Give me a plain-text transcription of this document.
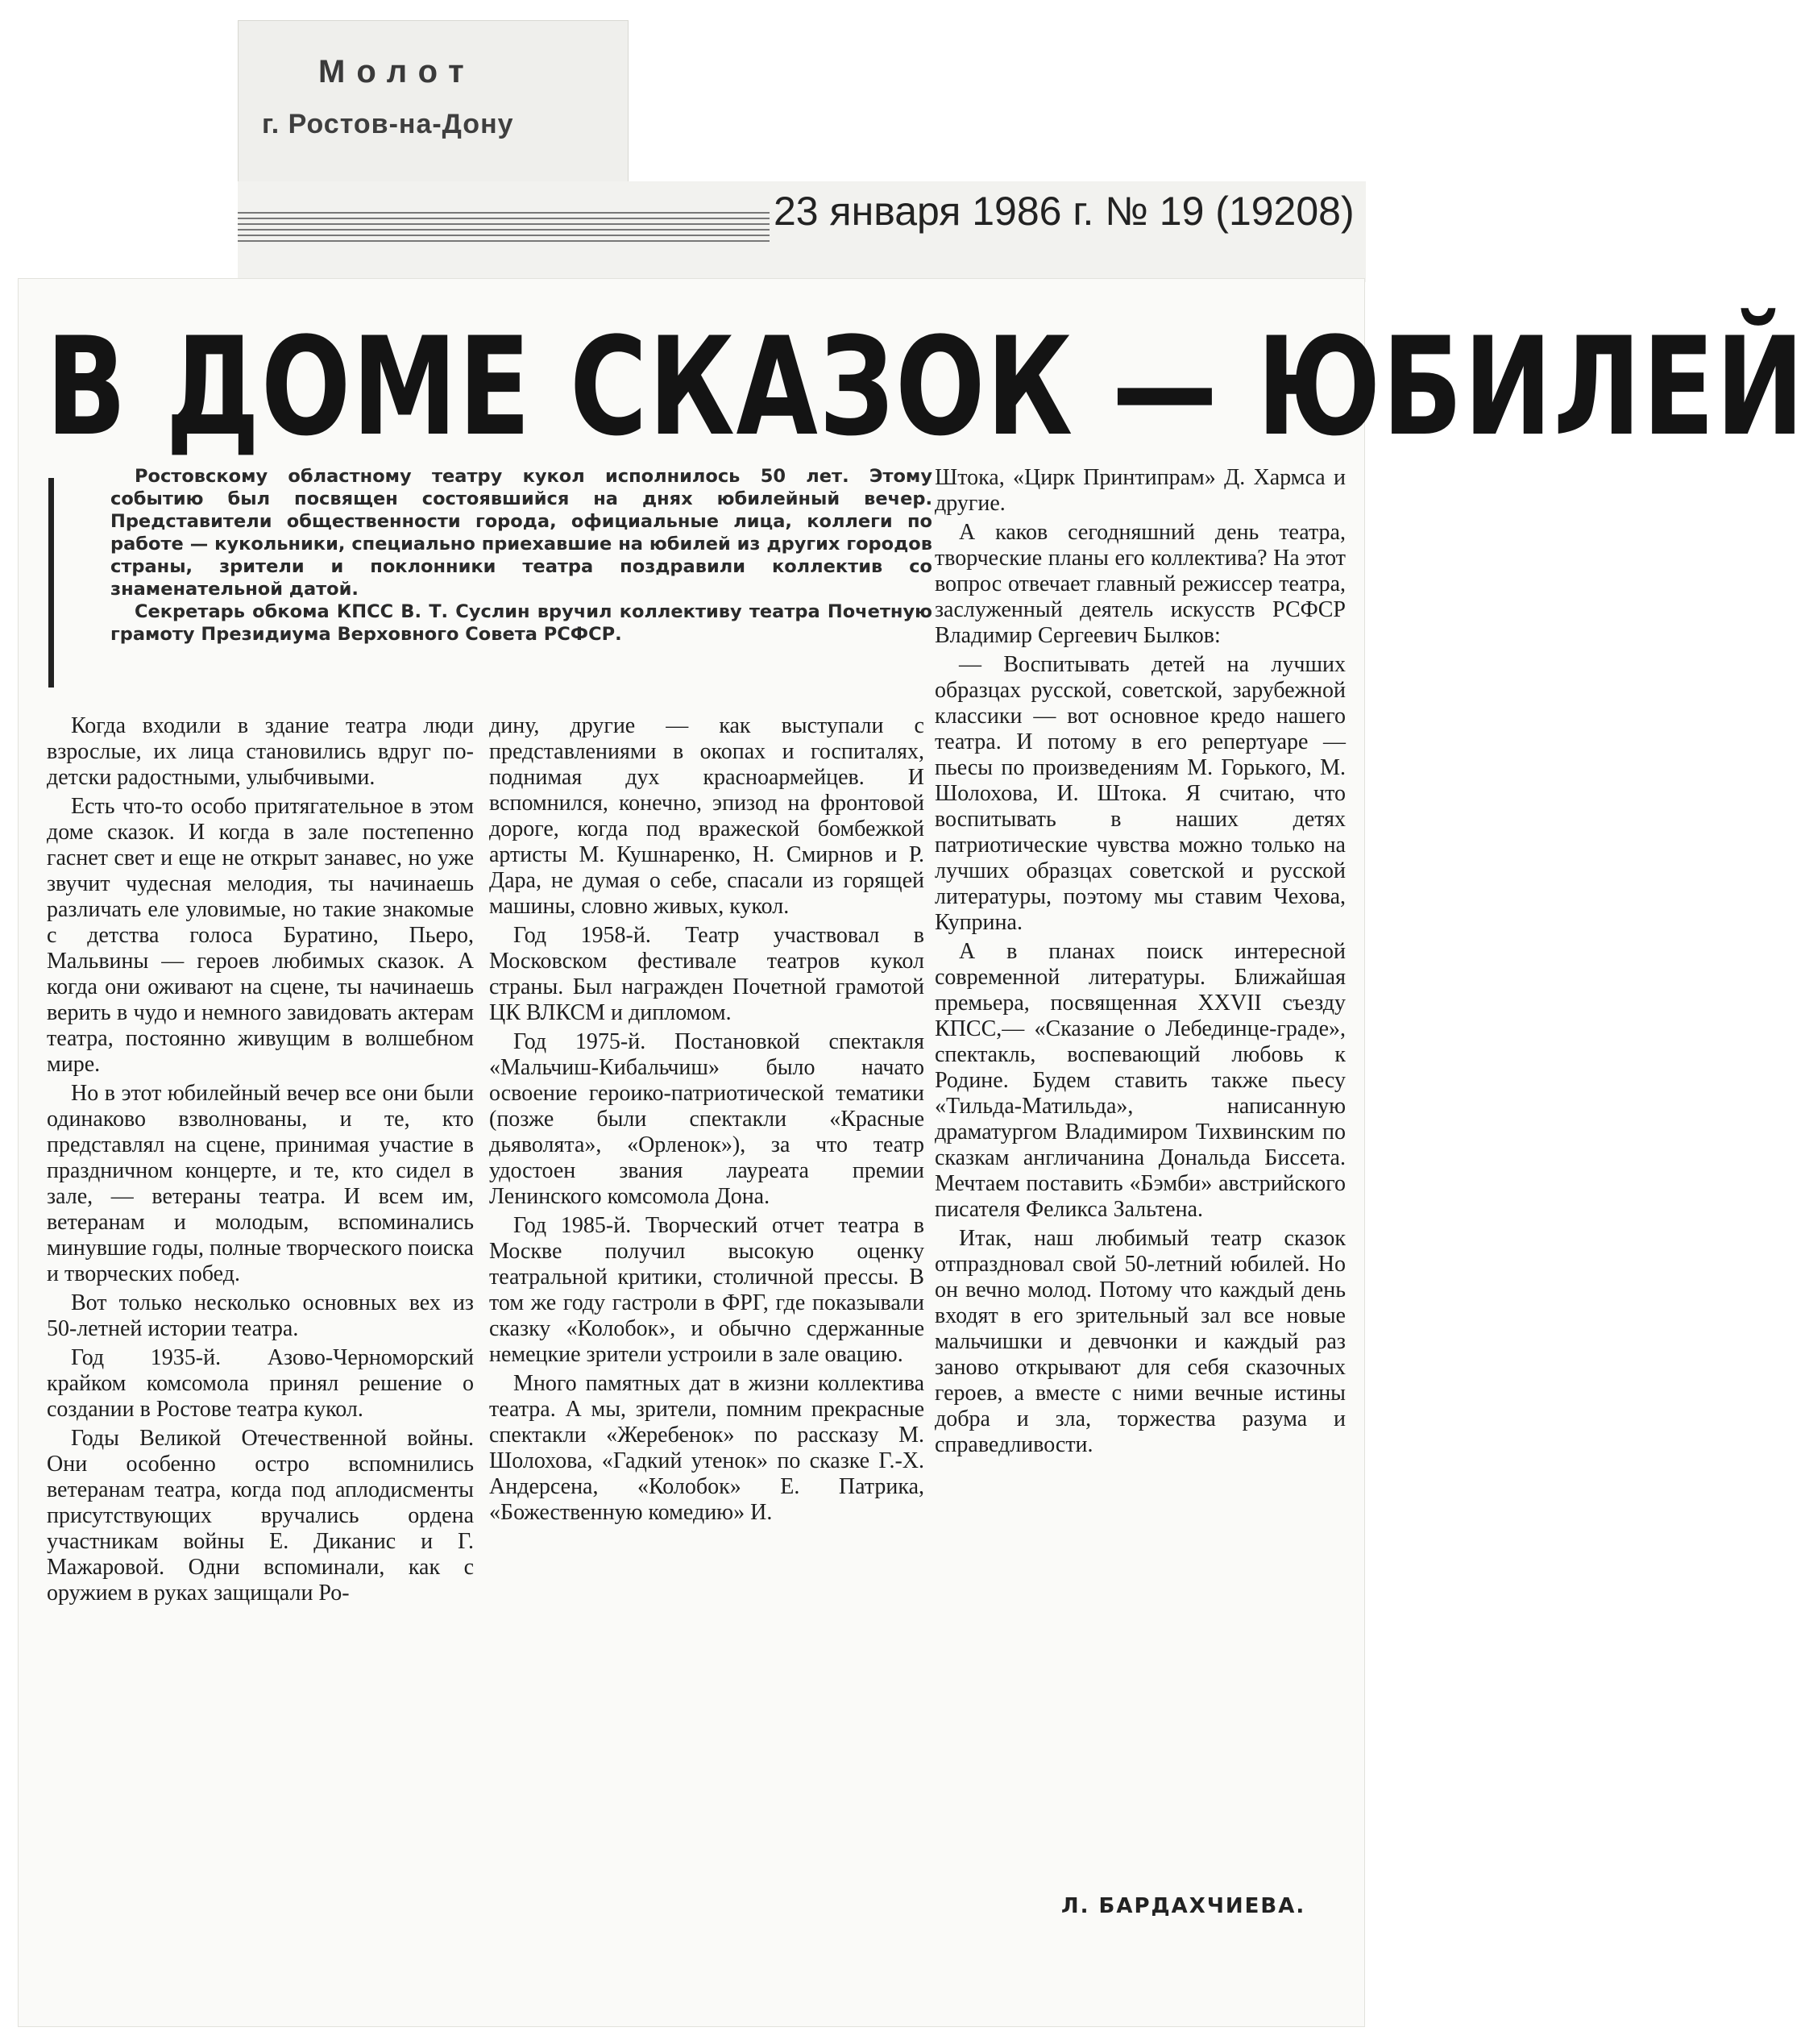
Молот
г. Ростов-на-Дону
23 января 1986 г. № 19 (19208)
В ДОМЕ СКАЗОК — ЮБИЛЕЙ

Ростовскому областному театру кукол исполнилось 50 лет. Этому событию был посвящен состоявшийся на днях юбилейный вечер. Представители общественности города, официальные лица, коллеги по работе — кукольники, специально приехавшие на юбилей из других городов страны, зрители и поклонники театра поздравили коллектив со знаменательной датой.

Секретарь обкома КПСС В. Т. Суслин вручил коллективу театра Почетную грамоту Президиума Верховного Совета РСФСР.

Когда входили в здание театра люди взрослые, их лица становились вдруг по-детски радостными, улыбчивыми.

Есть что-то особо притягательное в этом доме сказок. И когда в зале постепенно гаснет свет и еще не открыт занавес, но уже звучит чудесная мелодия, ты начинаешь различать еле уловимые, но такие знакомые с детства голоса Буратино, Пьеро, Мальвины — героев любимых сказок. А когда они оживают на сцене, ты начинаешь верить в чудо и немного завидовать актерам театра, постоянно живущим в волшебном мире.

Но в этот юбилейный вечер все они были одинаково взволнованы, и те, кто представлял на сцене, принимая участие в праздничном концерте, и те, кто сидел в зале, — ветераны театра. И всем им, ветеранам и молодым, вспоминались минувшие годы, полные творческого поиска и творческих побед.

Вот только несколько основных вех из 50-летней истории театра.

Год 1935-й. Азово-Черноморский крайком комсомола принял решение о создании в Ростове театра кукол.

Годы Великой Отечественной войны. Они особенно остро вспомнились ветеранам театра, когда под аплодисменты присутствующих вручались ордена участникам войны Е. Диканис и Г. Мажаровой. Одни вспоминали, как с оружием в руках защищали Ро-

дину, другие — как выступали с представлениями в окопах и госпиталях, поднимая дух красноармейцев. И вспомнился, конечно, эпизод на фронтовой дороге, когда под вражеской бомбежкой артисты М. Кушнаренко, Н. Смирнов и Р. Дара, не думая о себе, спасали из горящей машины, словно живых, кукол.

Год 1958-й. Театр участвовал в Московском фестивале театров кукол страны. Был награжден Почетной грамотой ЦК ВЛКСМ и дипломом.

Год 1975-й. Постановкой спектакля «Мальчиш-Кибальчиш» было начато освоение героико-патриотической тематики (позже были спектакли «Красные дьяволята», «Орленок»), за что театр удостоен звания лауреата премии Ленинского комсомола Дона.

Год 1985-й. Творческий отчет театра в Москве получил высокую оценку театральной критики, столичной прессы. В том же году гастроли в ФРГ, где показывали сказку «Колобок», и обычно сдержанные немецкие зрители устроили в зале овацию.

Много памятных дат в жизни коллектива театра. А мы, зрители, помним прекрасные спектакли «Жеребенок» по рассказу М. Шолохова, «Гадкий утенок» по сказке Г.-Х. Андерсена, «Колобок» Е. Патрика, «Божественную комедию» И.

Штока, «Цирк Принтипрам» Д. Хармса и другие.

А каков сегодняшний день театра, творческие планы его коллектива? На этот вопрос отвечает главный режиссер театра, заслуженный деятель искусств РСФСР Владимир Сергеевич Былков:

— Воспитывать детей на лучших образцах русской, советской, зарубежной классики — вот основное кредо нашего театра. И потому в его репертуаре — пьесы по произведениям М. Горького, М. Шолохова, И. Штока. Я считаю, что воспитывать в наших детях патриотические чувства можно только на лучших образцах советской и русской литературы, поэтому мы ставим Чехова, Куприна.

А в планах поиск интересной современной литературы. Ближайшая премьера, посвященная XXVII съезду КПСС,— «Сказание о Лебединце-граде», спектакль, воспевающий любовь к Родине. Будем ставить также пьесу «Тильда-Матильда», написанную драматургом Владимиром Тихвинским по сказкам англичанина Дональда Биссета. Мечтаем поставить «Бэмби» австрийского писателя Феликса Зальтена.

Итак, наш любимый театр сказок отпраздновал свой 50-летний юбилей. Но он вечно молод. Потому что каждый день входят в его зрительный зал все новые мальчишки и девчонки и каждый раз заново открывают для себя сказочных героев, а вместе с ними вечные истины добра и зла, торжества разума и справедливости.

Л. БАРДАХЧИЕВА.
